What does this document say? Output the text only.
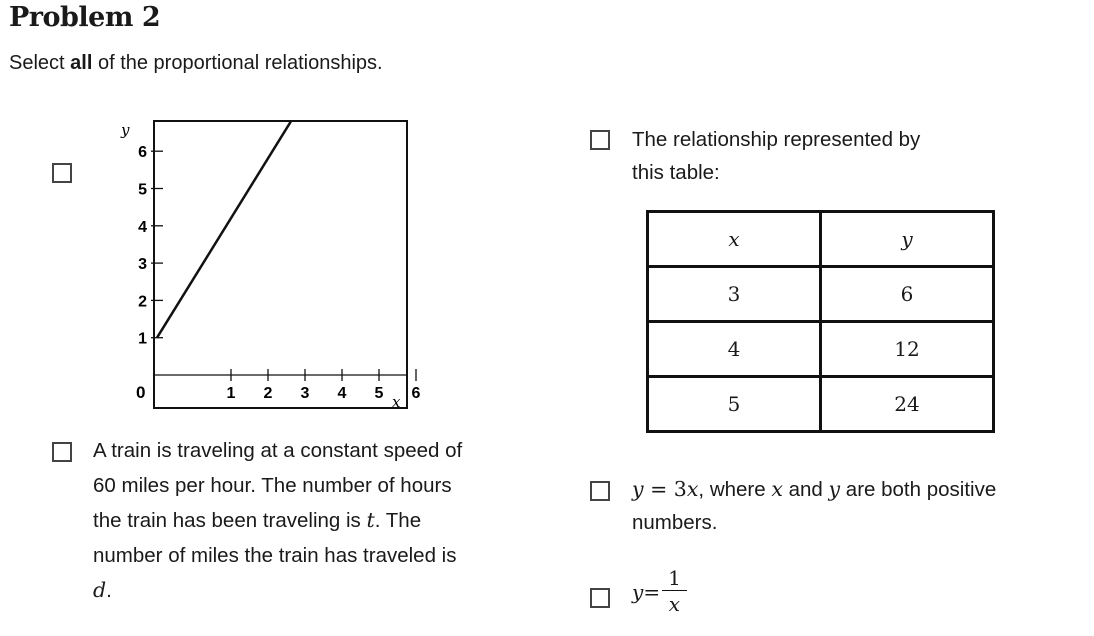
Problem 2
Select all of the proportional relationships.
y
x
0
1
2
3
4
5
6
1 2 3 4 5 6
The relationship represented by
this table:
x	y
3	6
4	12
5	24
A train is traveling at a constant speed of
60 miles per hour. The number of hours
the train has been traveling is t. The
number of miles the train has traveled is
d.
y = 3x, where x and y are both positive
numbers.
$y = \frac{1}{x}$
